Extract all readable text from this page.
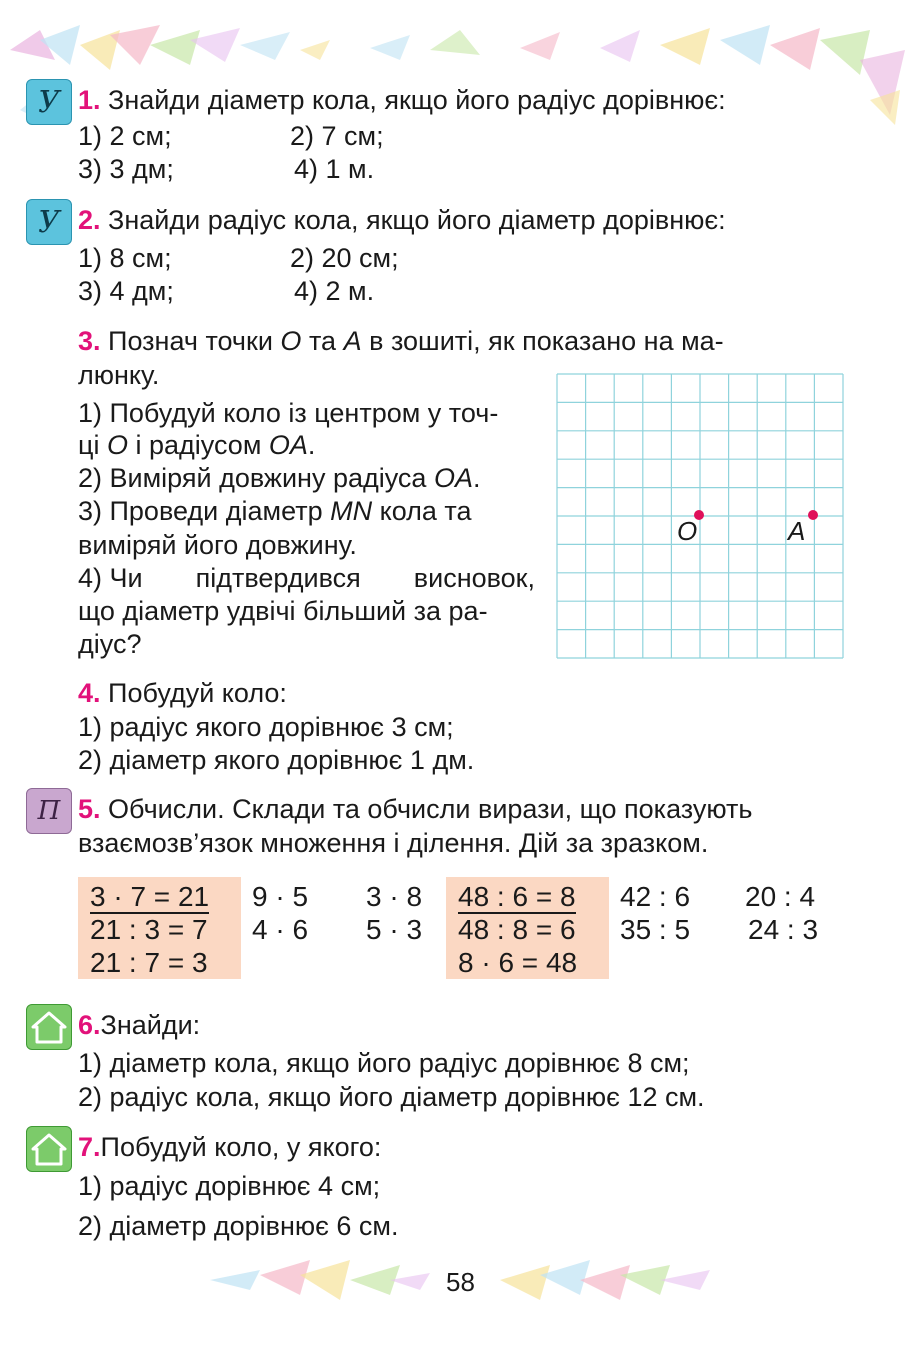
У 1. Знайди діаметр кола, якщо його радіус дорівнює:
1) 2 см;	2) 7 см;
3) 3 дм;	4) 1 м.
У 2. Знайди радіус кола, якщо його діаметр дорівнює:
1) 8 см;	2) 20 см;
3) 4 дм;	4) 2 м.
3. Познач точки O та A в зошиті, як показано на ма-
люнку.
1) Побудуй коло із центром у точ-
ці O і радіусом OA.
2) Виміряй довжину радіуса OA.
3) Проведи діаметр MN кола та
виміряй його довжину.
4) Чи підтвердився висновок,
що діаметр удвічі більший за ра-
діус?
O	A
4. Побудуй коло:
1) радіус якого дорівнює 3 см;
2) діаметр якого дорівнює 1 дм.
П 5. Обчисли. Склади та обчисли вирази, що показують
взаємозв’язок множення і ділення. Дій за зразком.
3 · 7 = 21
21 : 3 = 7
21 : 7 = 3
9 · 5 3 · 8
4 · 6 5 · 3
48 : 6 = 8
48 : 8 = 6
8 · 6 = 48
42 : 6 20 : 4
35 : 5 24 : 3
6.Знайди:
1) діаметр кола, якщо його радіус дорівнює 8 см;
2) радіус кола, якщо його діаметр дорівнює 12 см.
7.Побудуй коло, у якого:
1) радіус дорівнює 4 см;
2) діаметр дорівнює 6 см.
58
